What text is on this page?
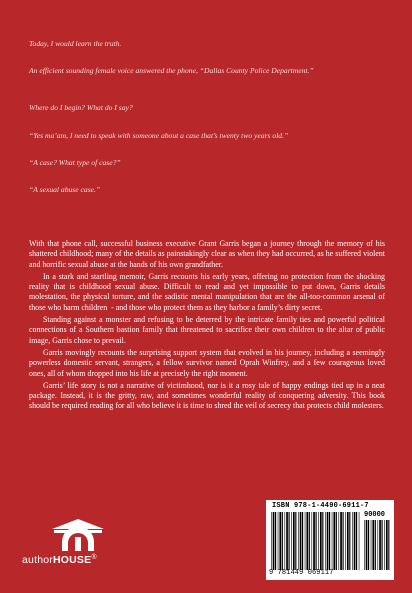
Today, I would learn the truth.

An efficient sounding female voice answered the phone, “Dallas County Police Department.”

Where do I begin? What do I say?

“Yes ma’am, I need to speak with someone about a case that’s twenty two years old.”

“A case? What type of case?”

“A sexual abuse case.”

With that phone call, successful business executive Grant Garris began a journey through the memory of his shattered childhood; many of the details as painstakingly clear as when they had occurred, as he suffered violent and horrific sexual abuse at the hands of his own grandfather.

In a stark and startling memoir, Garris recounts his early years, offering no protection from the shocking reality that is childhood sexual abuse. Difficult to read and yet impossible to put down, Garris details molestation, the physical torture, and the sadistic mental manipulation that are the all-too-common arsenal of those who harm children  - and those who protect them as they harbor a family’s dirty secret.

Standing against a monster and refusing to be deterred by the intricate family ties and powerful political connections of a Southern bastion family that threatened to sacrifice their own children to the altar of public image, Garris chose to prevail.

Garris movingly recounts the surprising support system that evolved in his journey, including a seemingly powerless domestic servant, strangers, a fellow survivor named Oprah Winfrey, and a few courageous loved ones, all of whom dropped into his life at precisely the right moment.

Garris’ life story is not a narrative of victimhood, nor is it a rosy tale of happy endings tied up in a neat package. Instead, it is the gritty, raw, and sometimes wonderful reality of conquering adversity. This book should be required reading for all who believe it is time to shred the veil of secrecy that protects child molesters.

authorHOUSE®
ISBN 978-1-4490-6911-7
90000
9 781449 069117
